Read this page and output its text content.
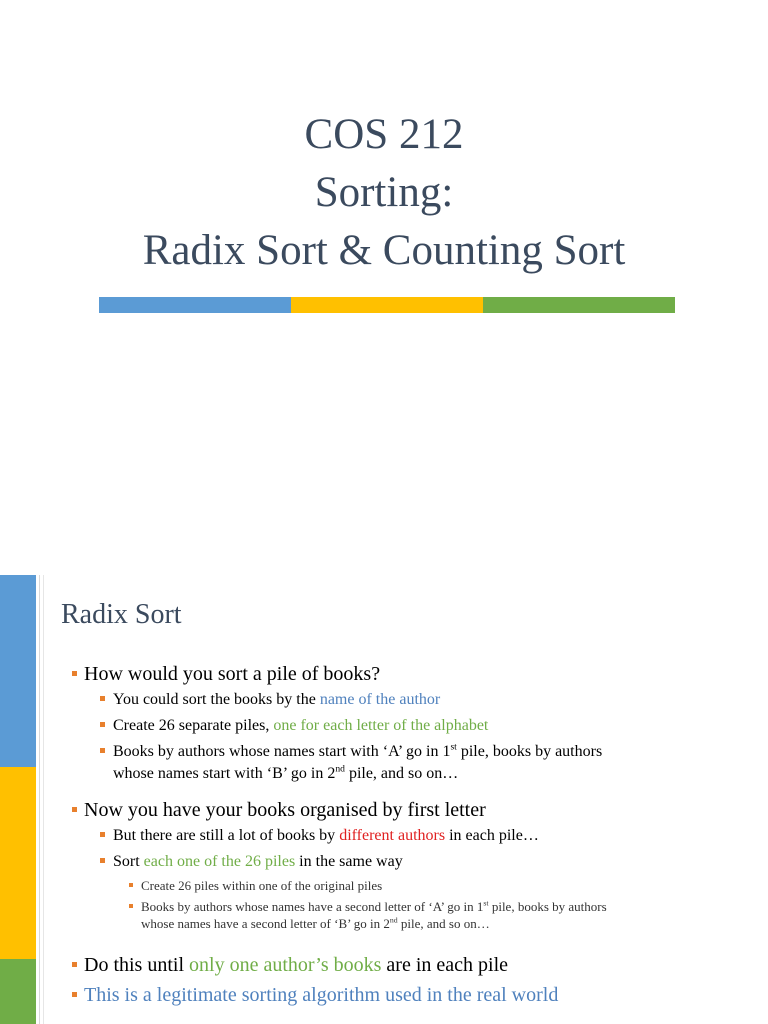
COS 212
Sorting:
Radix Sort & Counting Sort
Radix Sort
How would you sort a pile of books?
You could sort the books by the name of the author
Create 26 separate piles, one for each letter of the alphabet
Books by authors whose names start with ‘A’ go in 1st pile, books by authors
whose names start with ‘B’ go in 2nd pile, and so on…
Now you have your books organised by first letter
But there are still a lot of books by different authors in each pile…
Sort each one of the 26 piles in the same way
Create 26 piles within one of the original piles
Books by authors whose names have a second letter of ‘A’ go in 1st pile, books by authors
whose names have a second letter of ‘B’ go in 2nd pile, and so on…
Do this until only one author’s books are in each pile
This is a legitimate sorting algorithm used in the real world
